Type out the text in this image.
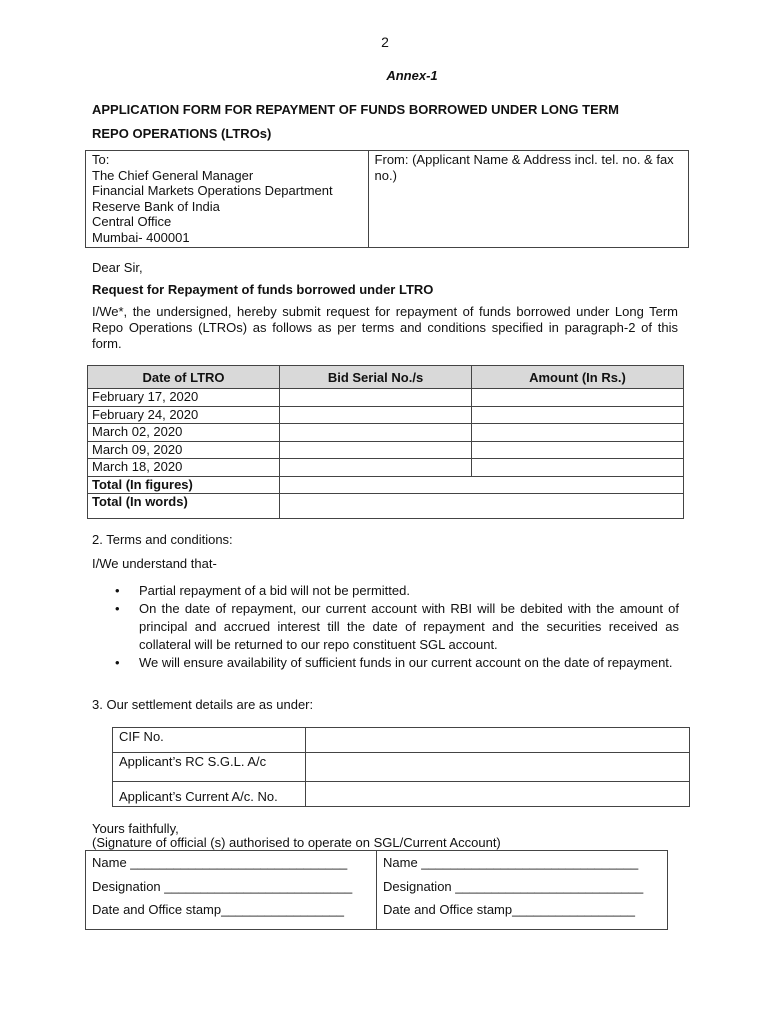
2
Annex-1
APPLICATION FORM FOR REPAYMENT OF FUNDS BORROWED UNDER LONG TERM
REPO OPERATIONS (LTROs)
To:
The Chief General Manager
Financial Markets Operations Department
Reserve Bank of India
Central Office
Mumbai- 400001

From: (Applicant Name & Address incl. tel. no. & fax no.)
Dear Sir,
Request for Repayment of funds borrowed under LTRO
I/We*, the undersigned, hereby submit request for repayment of funds borrowed under Long Term Repo Operations (LTROs) as follows as per terms and conditions specified in paragraph-2 of this form.
Date of LTRO	Bid Serial No./s	Amount (In Rs.)
February 17, 2020		
February 24, 2020		
March 02, 2020		
March 09, 2020		
March 18, 2020		
Total (In figures)		
Total (In words)		
2. Terms and conditions:
I/We understand that-
• Partial repayment of a bid will not be permitted.
• On the date of repayment, our current account with RBI will be debited with the amount of principal and accrued interest till the date of repayment and the securities received as collateral will be returned to our repo constituent SGL account.
• We will ensure availability of sufficient funds in our current account on the date of repayment.
3. Our settlement details are as under:
CIF No.	
Applicant’s RC S.G.L. A/c	
Applicant’s Current A/c. No.	
Yours faithfully,
(Signature of official (s) authorised to operate on SGL/Current Account)
Name ______________________________
Designation __________________________
Date and Office stamp_________________

Name ______________________________
Designation __________________________
Date and Office stamp_________________
